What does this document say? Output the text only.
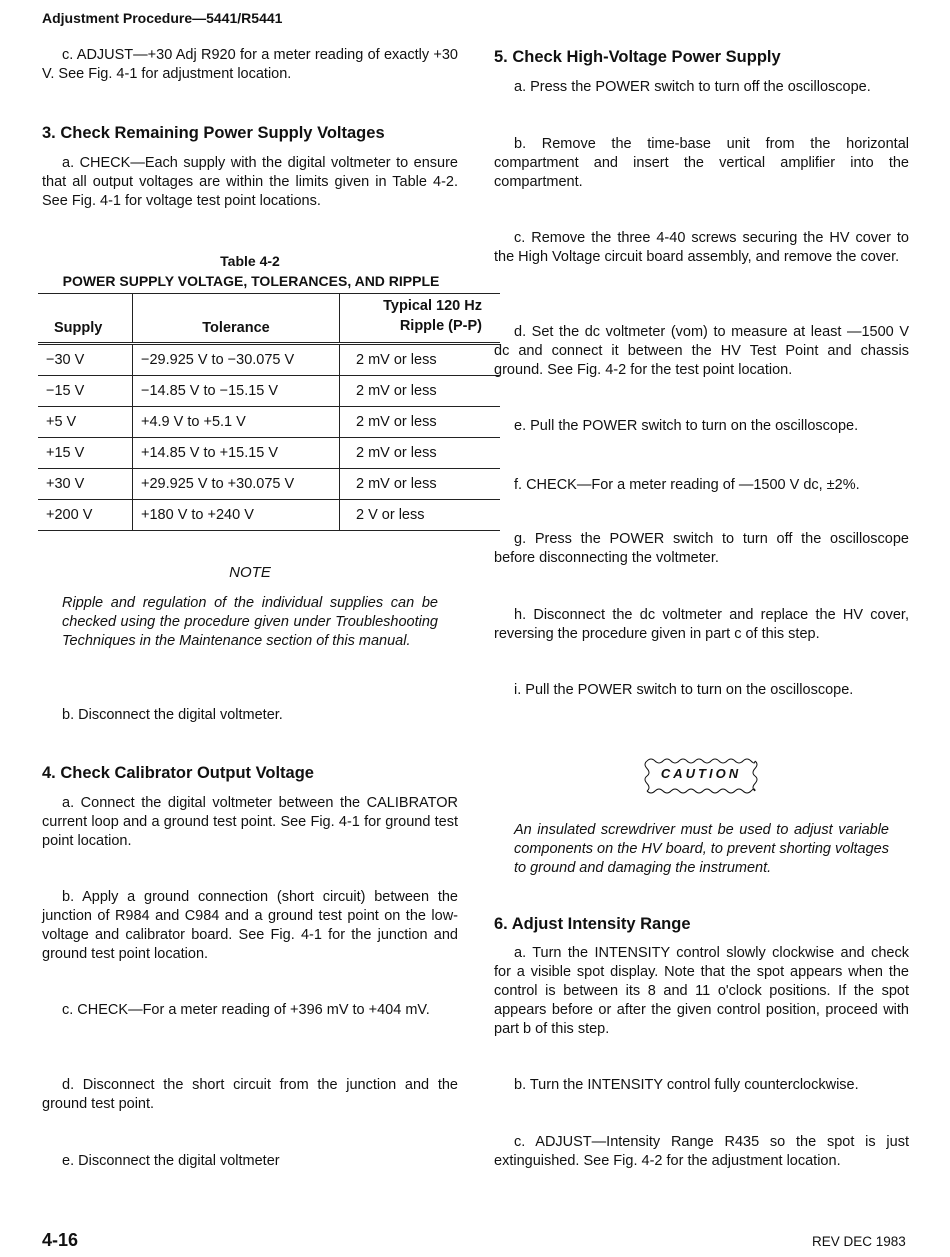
Adjustment Procedure—5441/R5441
c. ADJUST—+30 Adj R920 for a meter reading of exactly +30 V. See Fig. 4-1 for adjustment location.
3. Check Remaining Power Supply Voltages
a. CHECK—Each supply with the digital voltmeter to ensure that all output voltages are within the limits given in Table 4-2. See Fig. 4-1 for voltage test point locations.
Table 4-2
POWER SUPPLY VOLTAGE, TOLERANCES, AND RIPPLE
Supply	Tolerance	Typical 120 Hz
Ripple (P-P)
−30 V	−29.925 V to −30.075 V	2 mV or less
−15 V	−14.85 V to −15.15 V	2 mV or less
+5 V	+4.9 V to +5.1 V	2 mV or less
+15 V	+14.85 V to +15.15 V	2 mV or less
+30 V	+29.925 V to +30.075 V	2 mV or less
+200 V	+180 V to +240 V	2 V or less
NOTE
Ripple and regulation of the individual supplies can be checked using the procedure given under Troubleshooting Techniques in the Maintenance section of this manual.
b. Disconnect the digital voltmeter.
4. Check Calibrator Output Voltage
a. Connect the digital voltmeter between the CALIBRATOR current loop and a ground test point. See Fig. 4-1 for ground test point location.
b. Apply a ground connection (short circuit) between the junction of R984 and C984 and a ground test point on the low-voltage and calibrator board. See Fig. 4-1 for the junction and ground test point location.
c. CHECK—For a meter reading of +396 mV to +404 mV.
d. Disconnect the short circuit from the junction and the ground test point.
e. Disconnect the digital voltmeter
5. Check High-Voltage Power Supply
a. Press the POWER switch to turn off the oscilloscope.
b. Remove the time-base unit from the horizontal compartment and insert the vertical amplifier into the compartment.
c. Remove the three 4-40 screws securing the HV cover to the High Voltage circuit board assembly, and remove the cover.
d. Set the dc voltmeter (vom) to measure at least —1500 V dc and connect it between the HV Test Point and chassis ground. See Fig. 4-2 for the test point location.
e. Pull the POWER switch to turn on the oscilloscope.
f. CHECK—For a meter reading of —1500 V dc, ±2%.
g. Press the POWER switch to turn off the oscilloscope before disconnecting the voltmeter.
h. Disconnect the dc voltmeter and replace the HV cover, reversing the procedure given in part c of this step.
i. Pull the POWER switch to turn on the oscilloscope.
CAUTION
An insulated screwdriver must be used to adjust variable components on the HV board, to prevent shorting voltages to ground and damaging the instrument.
6. Adjust Intensity Range
a. Turn the INTENSITY control slowly clockwise and check for a visible spot display. Note that the spot appears when the control is between its 8 and 11 o'clock positions. If the spot appears before or after the given control position, proceed with part b of this step.
b. Turn the INTENSITY control fully counterclockwise.
c. ADJUST—Intensity Range R435 so the spot is just extinguished. See Fig. 4-2 for the adjustment location.
4-16	REV DEC 1983
